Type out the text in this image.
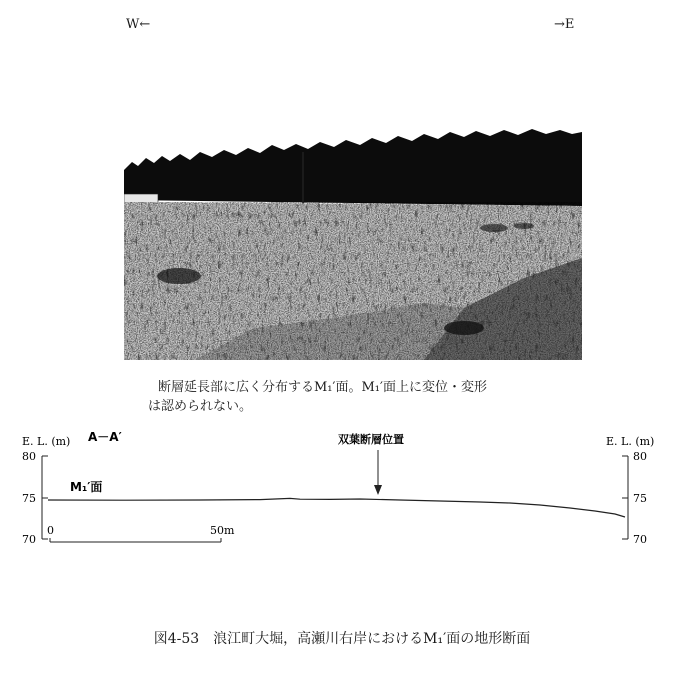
W←	→E
断層延長部に広く分布するM₁′面。M₁′面上に変位・変形
は認められない。
E. L. (m) A－A′	双葉断層位置	E. L. (m)
80
75
70
80
75
70
M₁′面
0	50m
図4-53　浪江町大堀，高瀬川右岸におけるM₁′面の地形断面
